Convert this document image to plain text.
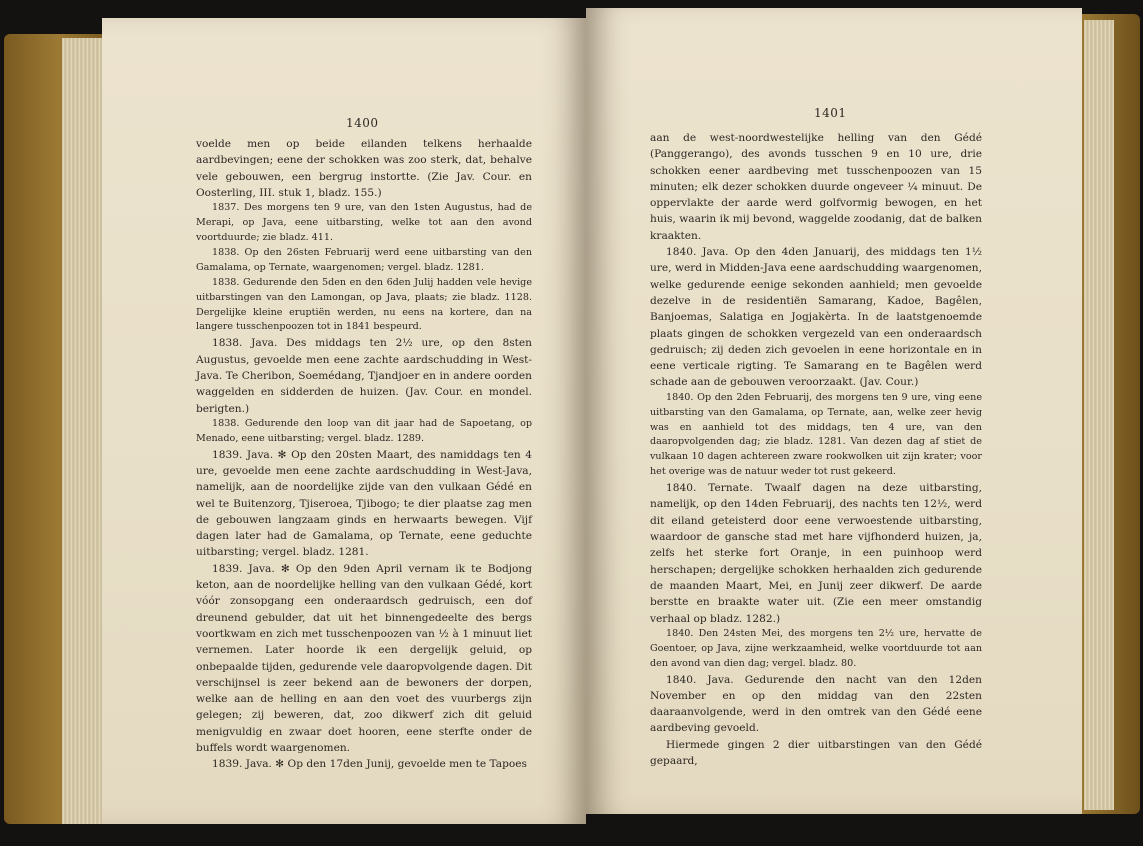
1400

voelde men op beide eilanden telkens herhaalde aardbevingen; eene der schokken was zoo sterk, dat, behalve vele gebouwen, een bergrug instortte. (Zie Jav. Cour. en Oosterling, III. stuk 1, bladz. 155.)

1837. Des morgens ten 9 ure, van den 1sten Augustus, had de Merapi, op Java, eene uitbarsting, welke tot aan den avond voortduurde; zie bladz. 411.

1838. Op den 26sten Februarij werd eene uitbarsting van den Gamalama, op Ternate, waargenomen; vergel. bladz. 1281.

1838. Gedurende den 5den en den 6den Julij hadden vele hevige uitbarstingen van den Lamongan, op Java, plaats; zie bladz. 1128. Dergelijke kleine eruptiën werden, nu eens na kortere, dan na langere tusschenpoozen tot in 1841 bespeurd.

1838. Java. Des middags ten 2½ ure, op den 8sten Augustus, gevoelde men eene zachte aardschudding in West-Java. Te Cheribon, Soemédang, Tjandjoer en in andere oorden waggelden en sidderden de huizen. (Jav. Cour. en mondel. berigten.)

1838. Gedurende den loop van dit jaar had de Sapoetang, op Menado, eene uitbarsting; vergel. bladz. 1289.

1839. Java. ✻ Op den 20sten Maart, des namiddags ten 4 ure, gevoelde men eene zachte aardschudding in West-Java, namelijk, aan de noordelijke zijde van den vulkaan Gédé en wel te Buitenzorg, Tjiseroea, Tjibogo; te dier plaatse zag men de gebouwen langzaam ginds en herwaarts bewegen. Vijf dagen later had de Gamalama, op Ternate, eene geduchte uitbarsting; vergel. bladz. 1281.

1839. Java. ✻ Op den 9den April vernam ik te Bodjong keton, aan de noordelijke helling van den vulkaan Gédé, kort vóór zonsopgang een onderaardsch gedruisch, een dof dreunend gebulder, dat uit het binnengedeelte des bergs voortkwam en zich met tusschenpoozen van ½ à 1 minuut liet vernemen. Later hoorde ik een dergelijk geluid, op onbepaalde tijden, gedurende vele daaropvolgende dagen. Dit verschijnsel is zeer bekend aan de bewoners der dorpen, welke aan de helling en aan den voet des vuurbergs zijn gelegen; zij beweren, dat, zoo dikwerf zich dit geluid menigvuldig en zwaar doet hooren, eene sterfte onder de buffels wordt waargenomen.

1839. Java. ✻ Op den 17den Junij, gevoelde men te Tapoes

1401

aan de west-noordwestelijke helling van den Gédé (Panggerango), des avonds tusschen 9 en 10 ure, drie schokken eener aardbeving met tusschenpoozen van 15 minuten; elk dezer schokken duurde ongeveer ¼ minuut. De oppervlakte der aarde werd golfvormig bewogen, en het huis, waarin ik mij bevond, waggelde zoodanig, dat de balken kraakten.

1840. Java. Op den 4den Januarij, des middags ten 1½ ure, werd in Midden-Java eene aardschudding waargenomen, welke gedurende eenige sekonden aanhield; men gevoelde dezelve in de residentiën Samarang, Kadoe, Bagêlen, Banjoemas, Salatiga en Jogjakèrta. In de laatstgenoemde plaats gingen de schokken vergezeld van een onderaardsch gedruisch; zij deden zich gevoelen in eene horizontale en in eene verticale rigting. Te Samarang en te Bagêlen werd schade aan de gebouwen veroorzaakt. (Jav. Cour.)

1840. Op den 2den Februarij, des morgens ten 9 ure, ving eene uitbarsting van den Gamalama, op Ternate, aan, welke zeer hevig was en aanhield tot des middags, ten 4 ure, van den daaropvolgenden dag; zie bladz. 1281. Van dezen dag af stiet de vulkaan 10 dagen achtereen zware rookwolken uit zijn krater; voor het overige was de natuur weder tot rust gekeerd.

1840. Ternate. Twaalf dagen na deze uitbarsting, namelijk, op den 14den Februarij, des nachts ten 12½, werd dit eiland geteisterd door eene verwoestende uitbarsting, waardoor de gansche stad met hare vijfhonderd huizen, ja, zelfs het sterke fort Oranje, in een puinhoop werd herschapen; dergelijke schokken herhaalden zich gedurende de maanden Maart, Mei, en Junij zeer dikwerf. De aarde berstte en braakte water uit. (Zie een meer omstandig verhaal op bladz. 1282.)

1840. Den 24sten Mei, des morgens ten 2½ ure, hervatte de Goentoer, op Java, zijne werkzaamheid, welke voortduurde tot aan den avond van dien dag; vergel. bladz. 80.

1840. Java. Gedurende den nacht van den 12den November en op den middag van den 22sten daaraanvolgende, werd in den omtrek van den Gédé eene aardbeving gevoeld.

Hiermede gingen 2 dier uitbarstingen van den Gédé gepaard,
